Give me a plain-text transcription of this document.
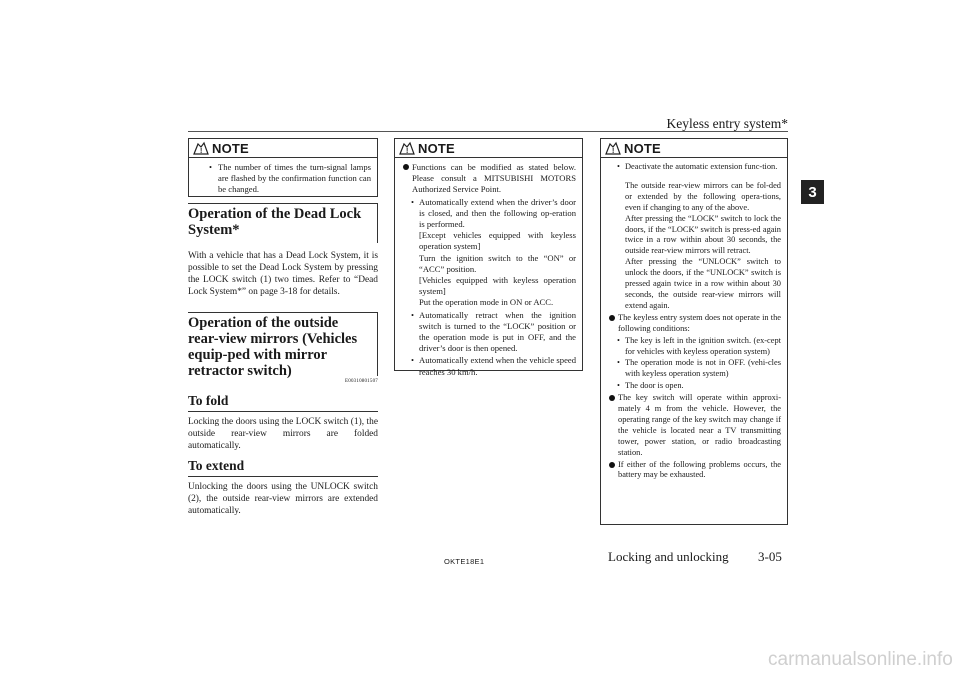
Keyless entry system*
3
! NOTE
• The number of times the turn-signal lamps are flashed by the confirmation function can be changed.
Operation of the Dead Lock System*
With a vehicle that has a Dead Lock System, it is possible to set the Dead Lock System by pressing the LOCK switch (1) two times. Refer to “Dead Lock System*” on page 3-18 for details.
Operation of the outside rear-view mirrors (Vehicles equip-ped with mirror retractor switch)
E00310801507
To fold
Locking the doors using the LOCK switch (1), the outside rear-view mirrors are folded automatically.
To extend
Unlocking the doors using the UNLOCK switch (2), the outside rear-view mirrors are extended automatically.
! NOTE
Functions can be modified as stated below. Please consult a MITSUBISHI MOTORS Authorized Service Point.
• Automatically extend when the driver’s door is closed, and then the following op-eration is performed.
[Except vehicles equipped with keyless operation system]
Turn the ignition switch to the “ON” or “ACC” position.
[Vehicles equipped with keyless operation system]
Put the operation mode in ON or ACC.
• Automatically retract when the ignition switch is turned to the “LOCK” position or the operation mode is put in OFF, and the driver’s door is then opened.
• Automatically extend when the vehicle speed reaches 30 km/h.
! NOTE
• Deactivate the automatic extension func-tion.
The outside rear-view mirrors can be fol-ded or extended by the following opera-tions, even if changing to any of the above.
After pressing the “LOCK” switch to lock the doors, if the “LOCK” switch is press-ed again twice in a row within about 30 seconds, the outside rear-view mirrors will retract.
After pressing the “UNLOCK” switch to unlock the doors, if the “UNLOCK” switch is pressed again twice in a row within about 30 seconds, the outside rear-view mirrors will extend again.
The keyless entry system does not operate in the following conditions:
• The key is left in the ignition switch. (ex-cept for vehicles with keyless operation system)
• The operation mode is not in OFF. (vehi-cles with keyless operation system)
• The door is open.
The key switch will operate within approxi-mately 4 m from the vehicle. However, the operating range of the key switch may change if the vehicle is located near a TV transmitting tower, power station, or radio broadcasting station.
If either of the following problems occurs, the battery may be exhausted.
OKTE18E1	Locking and unlocking 3-05
carmanualsonline.info
